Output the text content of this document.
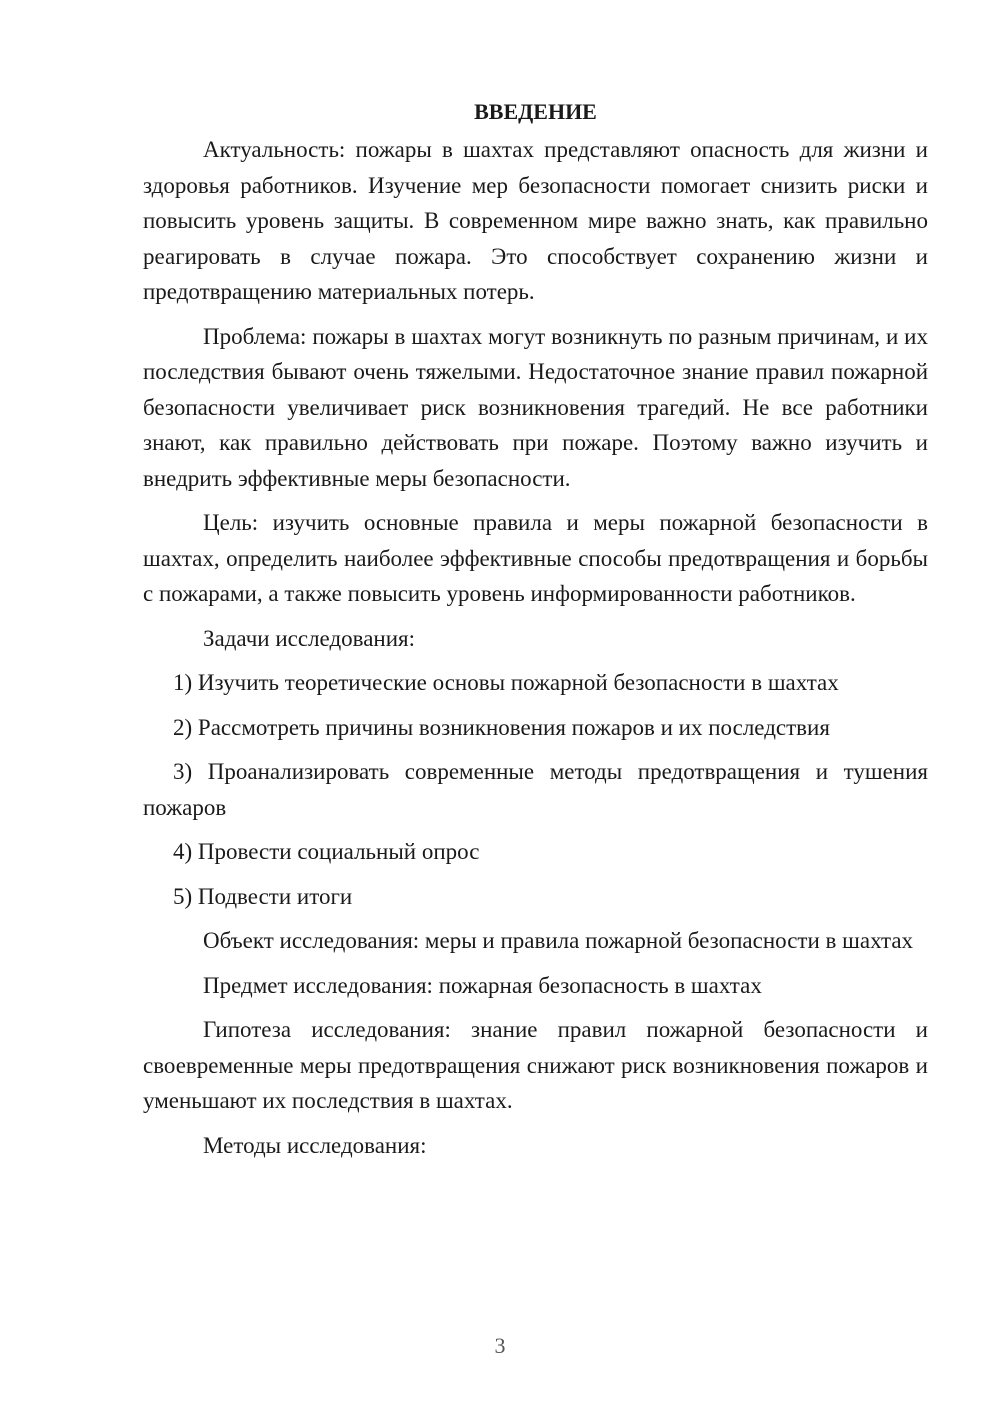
ВВЕДЕНИЕ

Актуальность: пожары в шахтах представляют опасность для жизни и здоровья работников. Изучение мер безопасности помогает снизить риски и повысить уровень защиты. В современном мире важно знать, как правильно реагировать в случае пожара. Это способствует сохранению жизни и предотвращению материальных потерь.

Проблема: пожары в шахтах могут возникнуть по разным причинам, и их последствия бывают очень тяжелыми. Недостаточное знание правил пожарной безопасности увеличивает риск возникновения трагедий. Не все работники знают, как правильно действовать при пожаре. Поэтому важно изучить и внедрить эффективные меры безопасности.

Цель: изучить основные правила и меры пожарной безопасности в шахтах, определить наиболее эффективные способы предотвращения и борьбы с пожарами, а также повысить уровень информированности работников.

Задачи исследования:

1) Изучить теоретические основы пожарной безопасности в шахтах

2) Рассмотреть причины возникновения пожаров и их последствия

3) Проанализировать современные методы предотвращения и тушения пожаров

4) Провести социальный опрос

5) Подвести итоги

Объект исследования: меры и правила пожарной безопасности в шахтах

Предмет исследования: пожарная безопасность в шахтах

Гипотеза исследования: знание правил пожарной безопасности и своевременные меры предотвращения снижают риск возникновения пожаров и уменьшают их последствия в шахтах.

Методы исследования:

3
